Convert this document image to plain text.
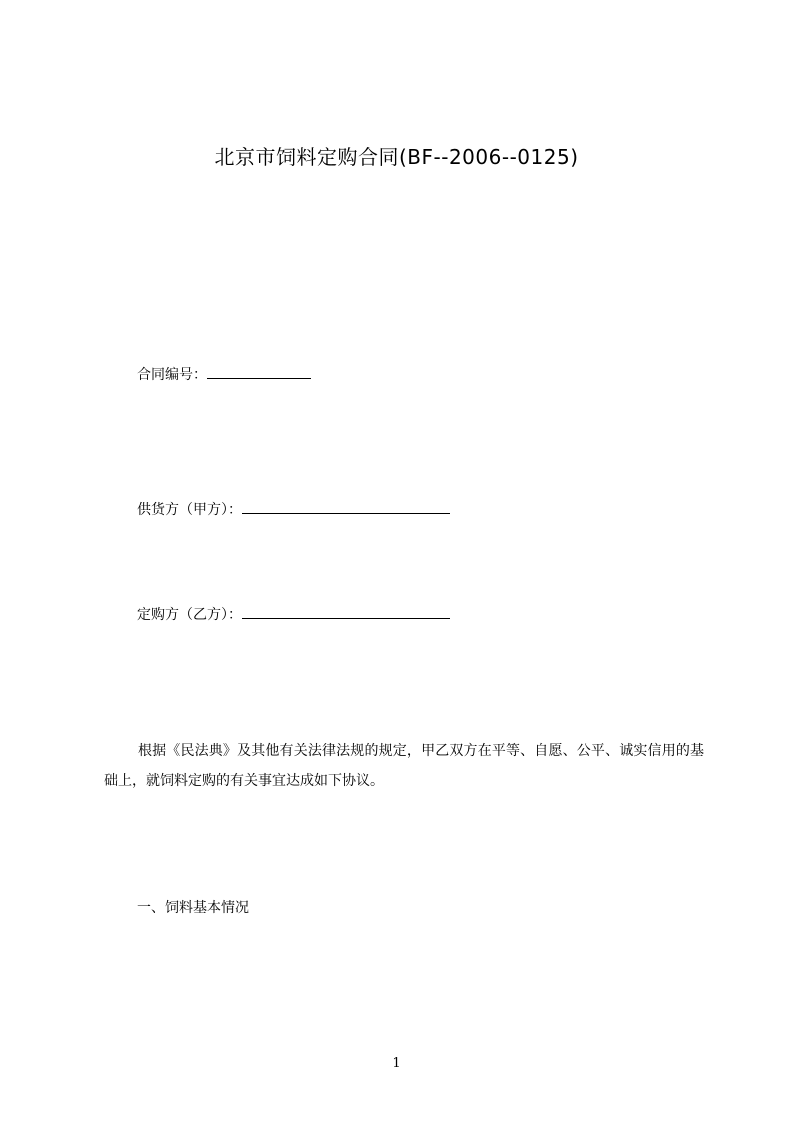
北京市饲料定购合同(BF--2006--0125)
合同编号：
供货方（甲方）：
定购方（乙方）：
根据《民法典》及其他有关法律法规的规定，甲乙双方在平等、自愿、公平、诚实信用的基础上，就饲料定购的有关事宜达成如下协议。
一、饲料基本情况
1
